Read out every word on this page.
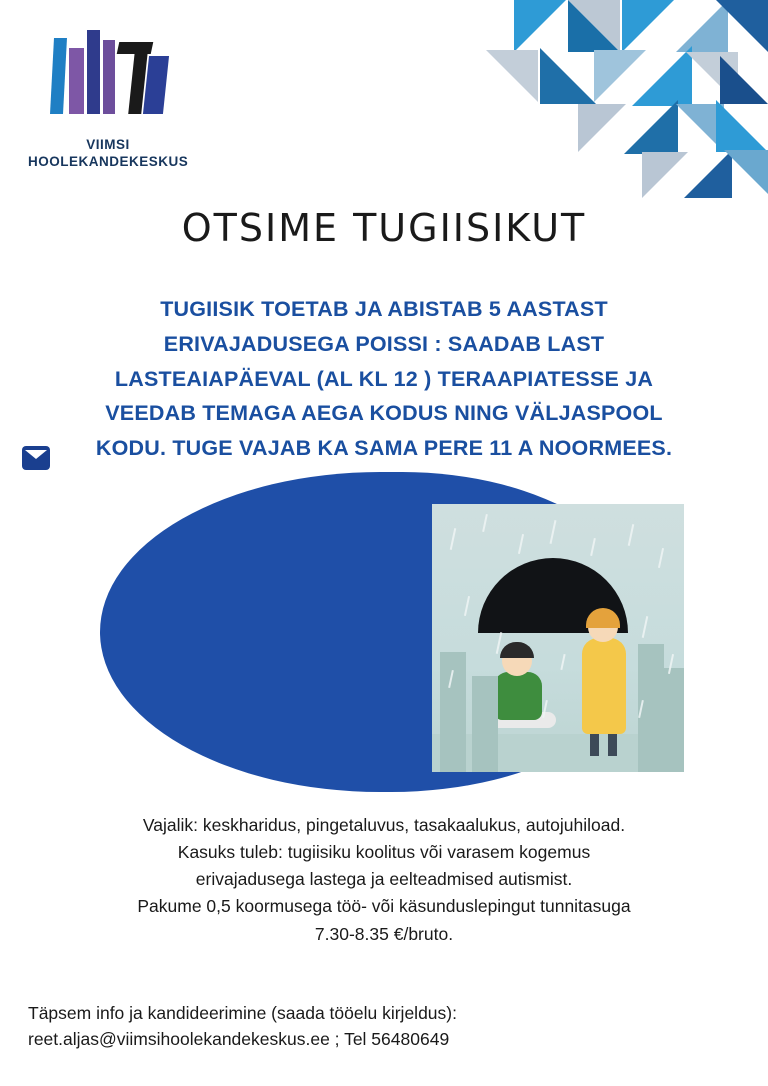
VIIMSI
HOOLEKANDEKESKUS
OTSIME TUGIISIKUT
TUGIISIK TOETAB JA ABISTAB 5 AASTAST
ERIVAJADUSEGA POISSI : SAADAB LAST
LASTEAIAPÄEVAL (AL KL 12 ) TERAAPIATESSE JA
VEEDAB TEMAGA AEGA KODUS NING VÄLJASPOOL
KODU. TUGE VAJAB KA SAMA PERE 11 A NOORMEES.
Vajalik: keskharidus, pingetaluvus, tasakaalukus, autojuhiload.
Kasuks tuleb: tugiisiku koolitus või varasem kogemus
erivajadusega lastega ja eelteadmised autismist.
Pakume 0,5 koormusega töö- või käsunduslepingut tunnitasuga
7.30-8.35 €/bruto.
Täpsem info ja kandideerimine (saada tööelu kirjeldus):
reet.aljas@viimsihoolekandekeskus.ee ; Tel 56480649
